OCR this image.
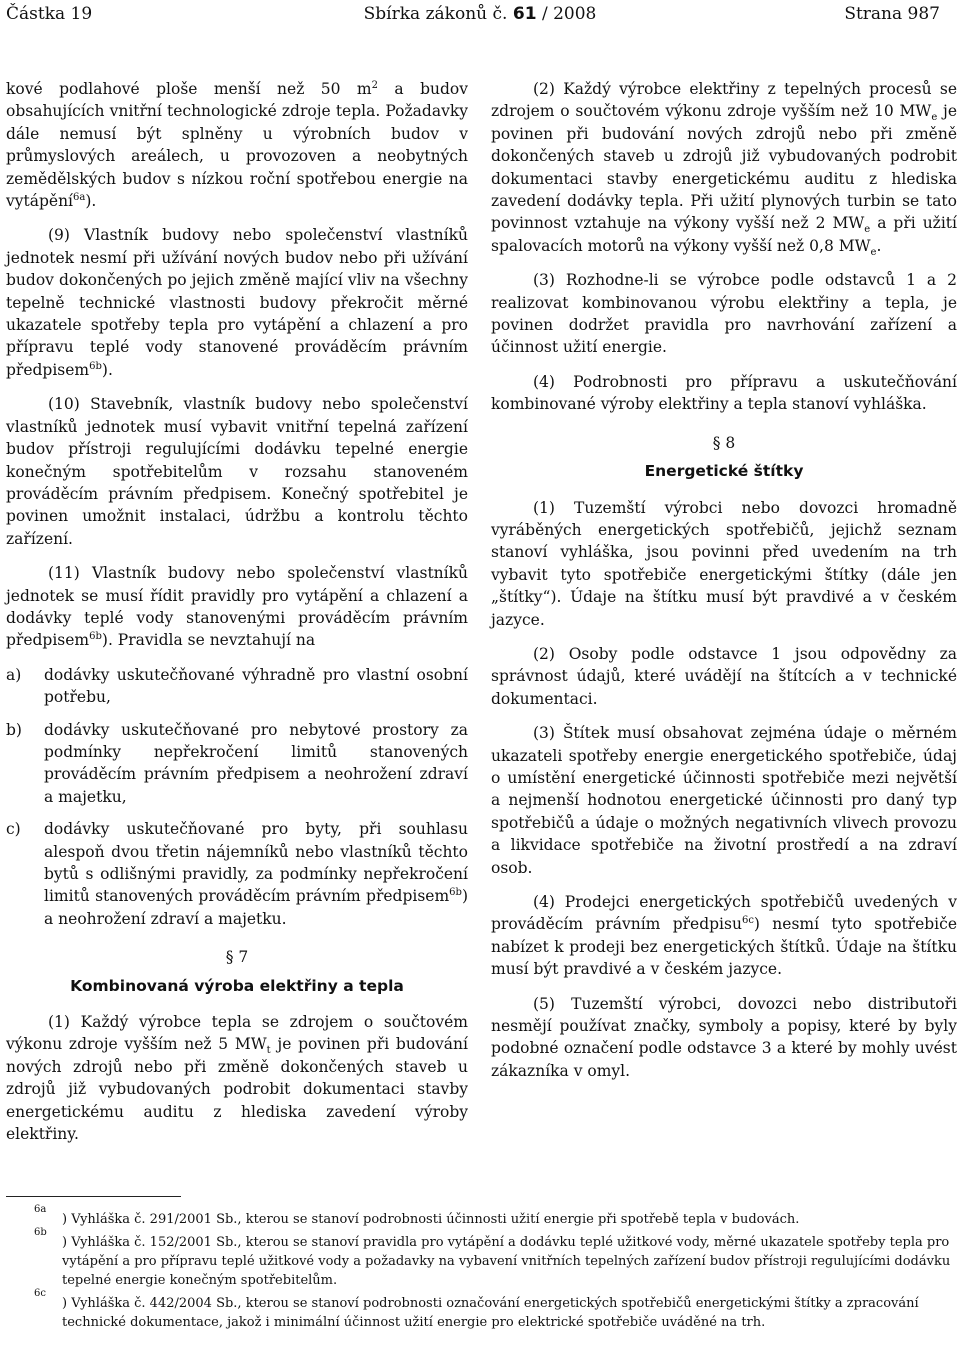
Částka 19	Sbírka zákonů č. 61 / 2008	Strana 987

kové podlahové ploše menší než 50 $m^2$ a budov obsahujících vnitřní technologické zdroje tepla. Požadavky dále nemusí být splněny u výrobních budov v průmyslových areálech, u provozoven a neobytných zemědělských budov s nízkou roční spotřebou energie na vytápění$^{6a}$).

(9) Vlastník budovy nebo společenství vlastníků jednotek nesmí při užívání nových budov nebo při užívání budov dokončených po jejich změně mající vliv na všechny tepelně technické vlastnosti budovy překročit měrné ukazatele spotřeby tepla pro vytápění a chlazení a pro přípravu teplé vody stanovené prováděcím právním předpisem$^{6b}$).

(10) Stavebník, vlastník budovy nebo společenství vlastníků jednotek musí vybavit vnitřní tepelná zařízení budov přístroji regulujícími dodávku tepelné energie konečným spotřebitelům v rozsahu stanoveném prováděcím právním předpisem. Konečný spotřebitel je povinen umožnit instalaci, údržbu a kontrolu těchto zařízení.

(11) Vlastník budovy nebo společenství vlastníků jednotek se musí řídit pravidly pro vytápění a chlazení a dodávky teplé vody stanovenými prováděcím právním předpisem$^{6b}$). Pravidla se nevztahují na

a) dodávky uskutečňované výhradně pro vlastní osobní potřebu,
b) dodávky uskutečňované pro nebytové prostory za podmínky nepřekročení limitů stanovených prováděcím právním předpisem a neohrožení zdraví a majetku,
c) dodávky uskutečňované pro byty, při souhlasu alespoň dvou třetin nájemníků nebo vlastníků těchto bytů s odlišnými pravidly, za podmínky nepřekročení limitů stanovených prováděcím právním předpisem$^{6b}$) a neohrožení zdraví a majetku.
§ 7
Kombinovaná výroba elektřiny a tepla

(1) Každý výrobce tepla se zdrojem o součtovém výkonu zdroje vyšším než 5 $MW_t$ je povinen při budování nových zdrojů nebo při změně dokončených staveb u zdrojů již vybudovaných podrobit dokumentaci stavby energetickému auditu z hlediska zavedení výroby elektřiny.

(2) Každý výrobce elektřiny z tepelných procesů se zdrojem o součtovém výkonu zdroje vyšším než 10 $MW_e$ je povinen při budování nových zdrojů nebo při změně dokončených staveb u zdrojů již vybudovaných podrobit dokumentaci stavby energetickému auditu z hlediska zavedení dodávky tepla. Při užití plynových turbin se tato povinnost vztahuje na výkony vyšší než 2 $MW_e$ a při užití spalovacích motorů na výkony vyšší než 0,8 $MW_e$.

(3) Rozhodne-li se výrobce podle odstavců 1 a 2 realizovat kombinovanou výrobu elektřiny a tepla, je povinen dodržet pravidla pro navrhování zařízení a účinnost užití energie.

(4) Podrobnosti pro přípravu a uskutečňování kombinované výroby elektřiny a tepla stanoví vyhláška.

§ 8
Energetické štítky

(1) Tuzemští výrobci nebo dovozci hromadně vyráběných energetických spotřebičů, jejichž seznam stanoví vyhláška, jsou povinni před uvedením na trh vybavit tyto spotřebiče energetickými štítky (dále jen „štítky“). Údaje na štítku musí být pravdivé a v českém jazyce.

(2) Osoby podle odstavce 1 jsou odpovědny za správnost údajů, které uvádějí na štítcích a v technické dokumentaci.

(3) Štítek musí obsahovat zejména údaje o měrném ukazateli spotřeby energie energetického spotřebiče, údaj o umístění energetické účinnosti spotřebiče mezi největší a nejmenší hodnotou energetické účinnosti pro daný typ spotřebičů a údaje o možných negativních vlivech provozu a likvidace spotřebiče na životní prostředí a na zdraví osob.

(4) Prodejci energetických spotřebičů uvedených v prováděcím právním předpisu$^{6c}$) nesmí tyto spotřebiče nabízet k prodeji bez energetických štítků. Údaje na štítku musí být pravdivé a v českém jazyce.

(5) Tuzemští výrobci, dovozci nebo distributoři nesmějí používat značky, symboly a popisy, které by byly podobné označení podle odstavce 3 a které by mohly uvést zákazníka v omyl.

6a
) Vyhláška č. 291/2001 Sb., kterou se stanoví podrobnosti účinnosti užití energie při spotřebě tepla v budovách.
6b
) Vyhláška č. 152/2001 Sb., kterou se stanoví pravidla pro vytápění a dodávku teplé užitkové vody, měrné ukazatele spotřeby tepla pro vytápění a pro přípravu teplé užitkové vody a požadavky na vybavení vnitřních tepelných zařízení budov přístroji regulujícími dodávku tepelné energie konečným spotřebitelům.
6c
) Vyhláška č. 442/2004 Sb., kterou se stanoví podrobnosti označování energetických spotřebičů energetickými štítky a zpracování technické dokumentace, jakož i minimální účinnost užití energie pro elektrické spotřebiče uváděné na trh.
